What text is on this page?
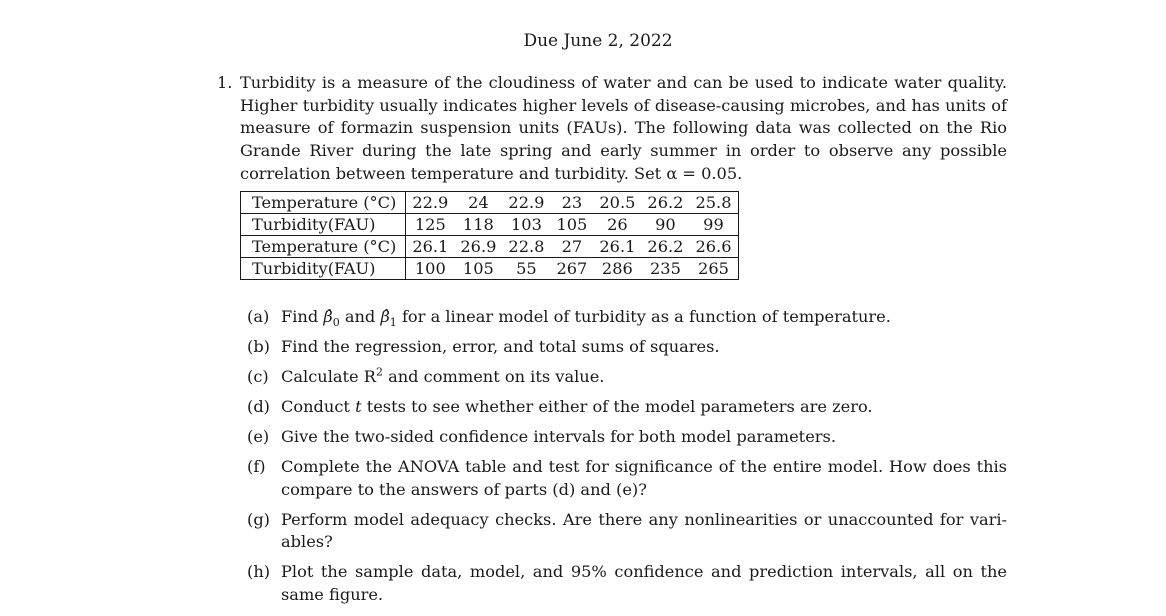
Due June 2, 2022
1. Turbidity is a measure of the cloudiness of water and can be used to indicate water quality. Higher turbidity usually indicates higher levels of disease-causing microbes, and has units of measure of formazin suspension units (FAUs). The following data was collected on the Rio Grande River during the late spring and early summer in order to observe any possible correlation between temperature and turbidity. Set α = 0.05.
Temperature (°C)	22.9	24	22.9	23	20.5	26.2	25.8
Turbidity(FAU)	125	118	103	105	26	90	99
Temperature (°C)	26.1	26.9	22.8	27	26.1	26.2	26.6
Turbidity(FAU)	100	105	55	267	286	235	265
(a) Find $\betâ_0$ and $\betâ_1$ for a linear model of turbidity as a function of temperature.
(b) Find the regression, error, and total sums of squares.
(c) Calculate $R^2$ and comment on its value.
(d) Conduct t tests to see whether either of the model parameters are zero.
(e) Give the two-sided confidence intervals for both model parameters.
(f) Complete the ANOVA table and test for significance of the entire model. How does this compare to the answers of parts (d) and (e)?
(g) Perform model adequacy checks. Are there any nonlinearities or unaccounted for vari-ables?
(h) Plot the sample data, model, and 95% confidence and prediction intervals, all on the same figure.
